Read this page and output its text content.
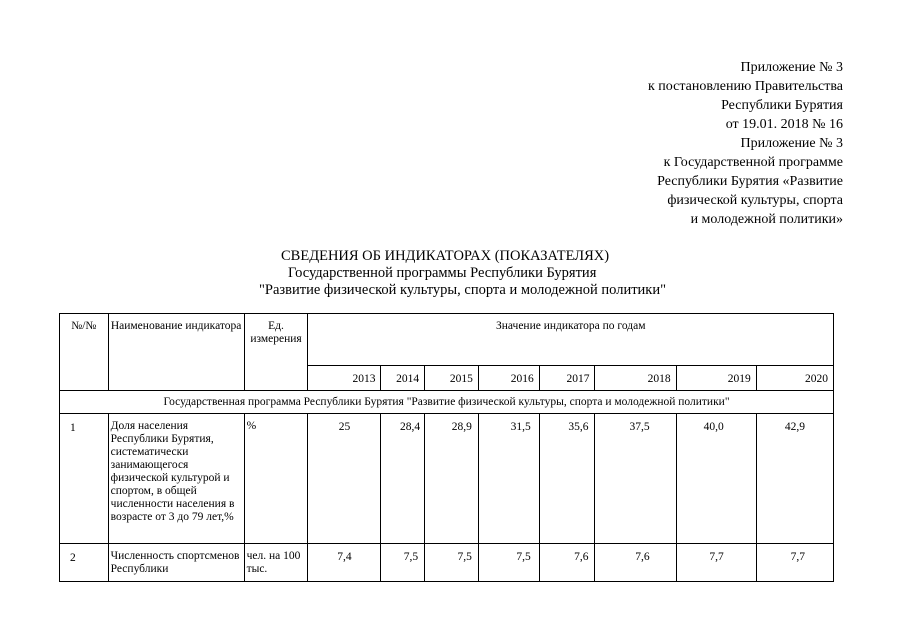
Приложение № 3
к постановлению Правительства
Республики Бурятия
от 19.01. 2018 № 16
Приложение № 3
к Государственной программе
Республики Бурятия «Развитие
физической культуры, спорта
и молодежной политики»
СВЕДЕНИЯ ОБ ИНДИКАТОРАХ (ПОКАЗАТЕЛЯХ)
Государственной программы Республики Бурятия
"Развитие физической культуры, спорта и молодежной политики"
№/№	Наименование индикатора	Ед. измерения	Значение индикатора по годам							
			2013	2014	2015	2016	2017	2018	2019	2020
Государственная программа Республики Бурятия "Развитие физической культуры, спорта и молодежной политики"										
1	Доля населения Республики Бурятия, систематически занимающегося физической культурой и спортом, в общей численности населения в возрасте от 3 до 79 лет,%	%	25	28,4	28,9	31,5	35,6	37,5	40,0	42,9
2	Численность спортсменов Республики	чел. на 100 тыс.	7,4	7,5	7,5	7,5	7,6	7,6	7,7	7,7
